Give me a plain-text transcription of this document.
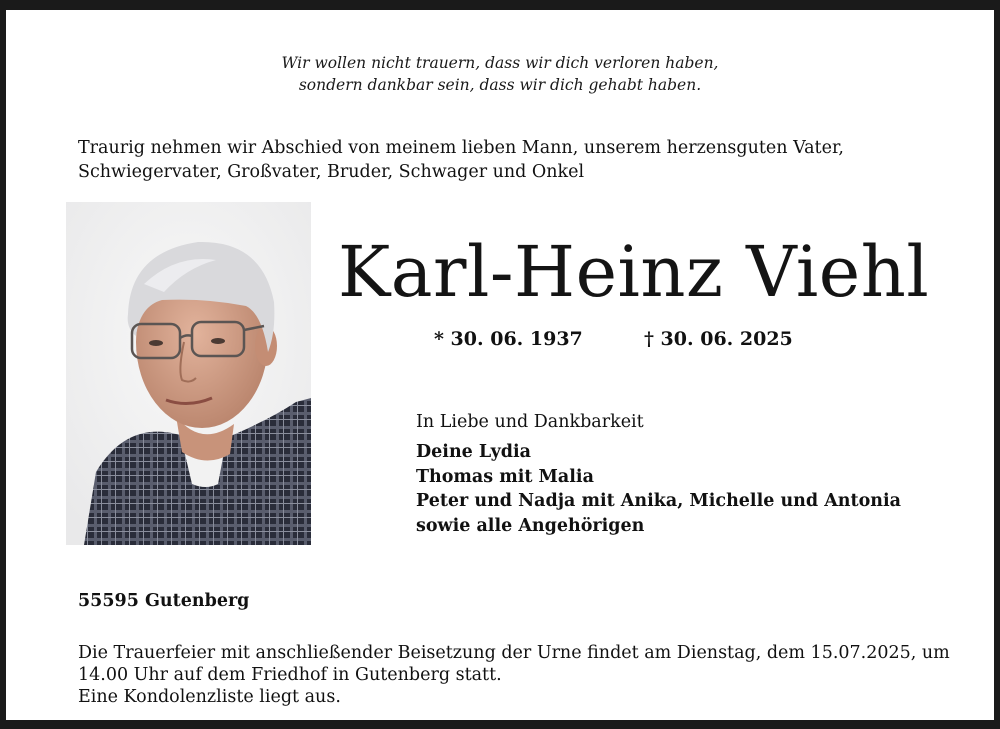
Wir wollen nicht trauern, dass wir dich verloren haben,
sondern dankbar sein, dass wir dich gehabt haben.
Traurig nehmen wir Abschied von meinem lieben Mann, unserem herzensguten Vater,
Schwiegervater, Großvater, Bruder, Schwager und Onkel
Karl-Heinz Viehl
* 30. 06. 1937	† 30. 06. 2025
In Liebe und Dankbarkeit
Deine Lydia
Thomas mit Malia
Peter und Nadja mit Anika, Michelle und Antonia
sowie alle Angehörigen
55595 Gutenberg
Die Trauerfeier mit anschließender Beisetzung der Urne findet am Dienstag, dem 15.07.2025, um
14.00 Uhr auf dem Friedhof in Gutenberg statt.
Eine Kondolenzliste liegt aus.
